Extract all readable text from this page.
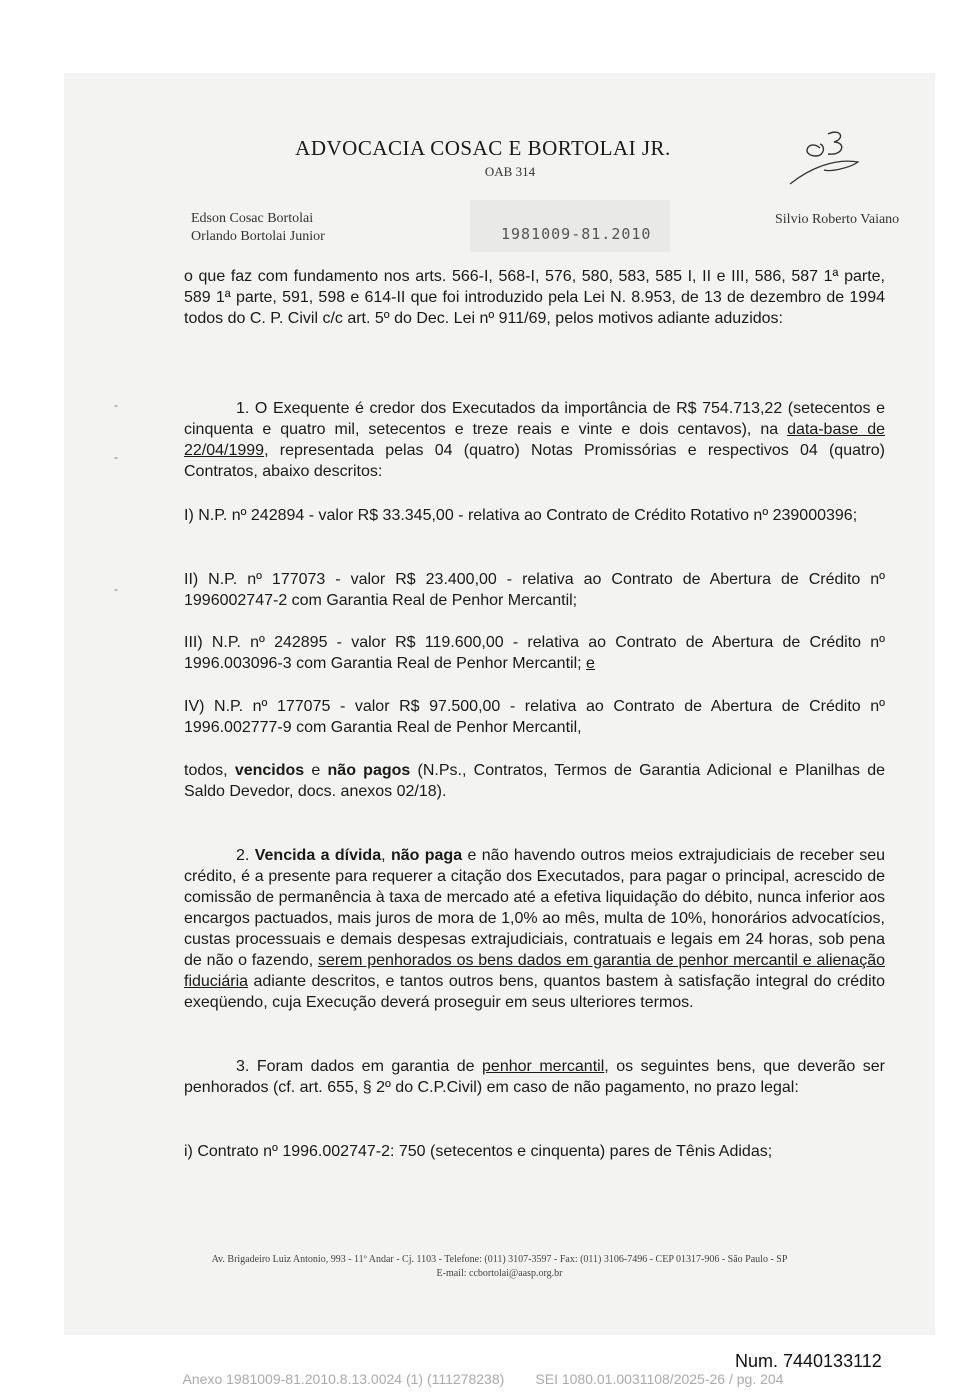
ADVOCACIA COSAC E BORTOLAI JR.
OAB 314
Edson Cosac Bortolai
Orlando Bortolai Junior
Silvio Roberto Vaiano
1981009-81.2010
o que faz com fundamento nos arts. 566-I, 568-I, 576, 580, 583, 585 I, II e III, 586, 587 1ª parte, 589 1ª parte, 591, 598 e 614-II que foi introduzido pela Lei N. 8.953, de 13 de dezembro de 1994 todos do C. P. Civil c/c art. 5º do Dec. Lei nº 911/69, pelos motivos adiante aduzidos:
-
-
-
1. O Exequente é credor dos Executados da importância de R$ 754.713,22 (setecentos e cinquenta e quatro mil, setecentos e treze reais e vinte e dois centavos), na data-base de 22/04/1999, representada pelas 04 (quatro) Notas Promissórias e respectivos 04 (quatro) Contratos, abaixo descritos:
I) N.P. nº 242894 - valor R$ 33.345,00 - relativa ao Contrato de Crédito Rotativo nº 239000396;
II) N.P. nº 177073 - valor R$ 23.400,00 - relativa ao Contrato de Abertura de Crédito nº 1996002747-2 com Garantia Real de Penhor Mercantil;
III) N.P. nº 242895 - valor R$ 119.600,00 - relativa ao Contrato de Abertura de Crédito nº 1996.003096-3 com Garantia Real de Penhor Mercantil; e
IV) N.P. nº 177075 - valor R$ 97.500,00 - relativa ao Contrato de Abertura de Crédito nº 1996.002777-9 com Garantia Real de Penhor Mercantil,
todos, vencidos e não pagos (N.Ps., Contratos, Termos de Garantia Adicional e Planilhas de Saldo Devedor, docs. anexos 02/18).
2. Vencida a dívida, não paga e não havendo outros meios extrajudiciais de receber seu crédito, é a presente para requerer a citação dos Executados, para pagar o principal, acrescido de comissão de permanência à taxa de mercado até a efetiva liquidação do débito, nunca inferior aos encargos pactuados, mais juros de mora de 1,0% ao mês, multa de 10%, honorários advocatícios, custas processuais e demais despesas extrajudiciais, contratuais e legais em 24 horas, sob pena de não o fazendo, serem penhorados os bens dados em garantia de penhor mercantil e alienação fiduciária adiante descritos, e tantos outros bens, quantos bastem à satisfação integral do crédito exeqüendo, cuja Execução deverá proseguir em seus ulteriores termos.
3. Foram dados em garantia de penhor mercantil, os seguintes bens, que deverão ser penhorados (cf. art. 655, § 2º do C.P.Civil) em caso de não pagamento, no prazo legal:
i) Contrato nº 1996.002747-2: 750 (setecentos e cinquenta) pares de Tênis Adidas;
Av. Brigadeiro Luiz Antonio, 993 - 11º Andar - Cj. 1103 - Telefone: (011) 3107-3597 - Fax: (011) 3106-7496 - CEP 01317-906 - São Paulo - SP
E-mail: ccbortolai@aasp.org.br
Num. 7440133112
Anexo 1981009-81.2010.8.13.0024 (1) (111278238)        SEI 1080.01.0031108/2025-26 / pg. 204
